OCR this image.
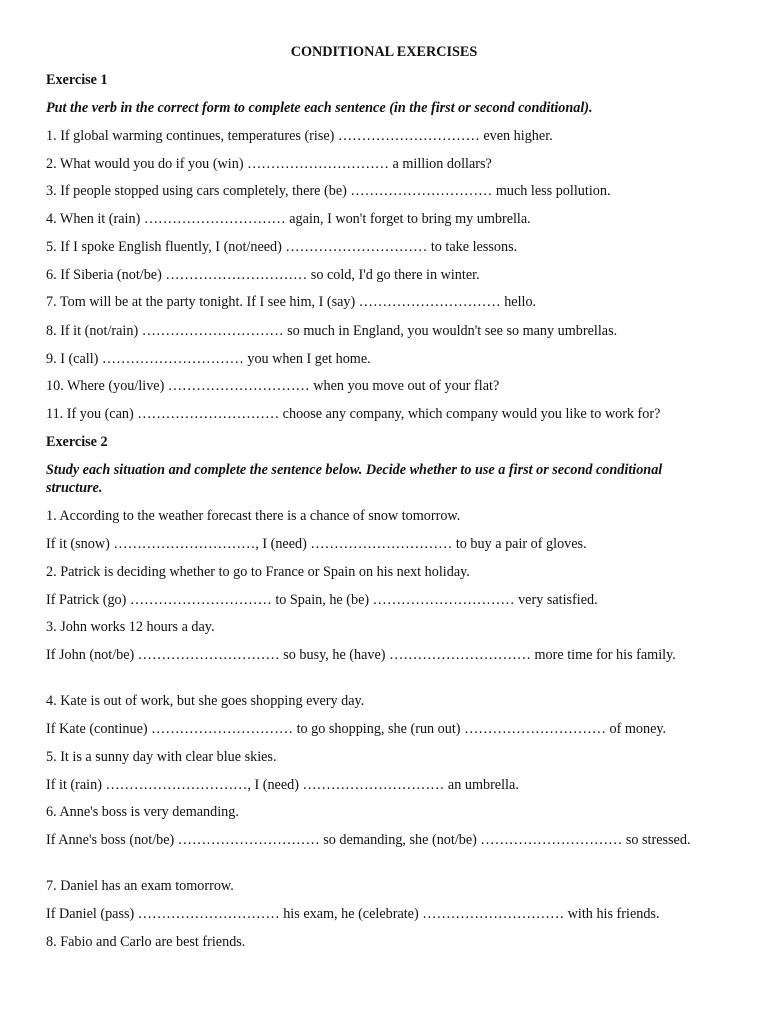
CONDITIONAL EXERCISES
Exercise 1
Put the verb in the correct form to complete each sentence (in the first or second conditional).
1. If global warming continues, temperatures (rise) ………………………… even higher.
2. What would you do if you (win) ………………………… a million dollars?
3. If people stopped using cars completely, there (be) ………………………… much less pollution.
4. When it (rain) ………………………… again, I won't forget to bring my umbrella.
5. If I spoke English fluently, I (not/need) ………………………… to take lessons.
6. If Siberia (not/be) ………………………… so cold, I'd go there in winter.
7. Tom will be at the party tonight. If I see him, I (say) ………………………… hello.
8. If it (not/rain) ………………………… so much in England, you wouldn't see so many umbrellas.
9. I (call) ………………………… you when I get home.
10. Where (you/live) ………………………… when you move out of your flat?
11. If you (can) ………………………… choose any company, which company would you like to work for?
Exercise 2
Study each situation and complete the sentence below. Decide whether to use a first or second conditional structure.
1. According to the weather forecast there is a chance of snow tomorrow.
If it (snow) …………………………, I (need) ………………………… to buy a pair of gloves.
2. Patrick is deciding whether to go to France or Spain on his next holiday.
If Patrick (go) ………………………… to Spain, he (be) ………………………… very satisfied.
3. John works 12 hours a day.
If John (not/be) ………………………… so busy, he (have) ………………………… more time for his family.
4. Kate is out of work, but she goes shopping every day.
If Kate (continue) ………………………… to go shopping, she (run out) ………………………… of money.
5. It is a sunny day with clear blue skies.
If it (rain) …………………………, I (need) ………………………… an umbrella.
6. Anne's boss is very demanding.
If Anne's boss (not/be) ………………………… so demanding, she (not/be) ………………………… so stressed.
7. Daniel has an exam tomorrow.
If Daniel (pass) ………………………… his exam, he (celebrate) ………………………… with his friends.
8. Fabio and Carlo are best friends.
